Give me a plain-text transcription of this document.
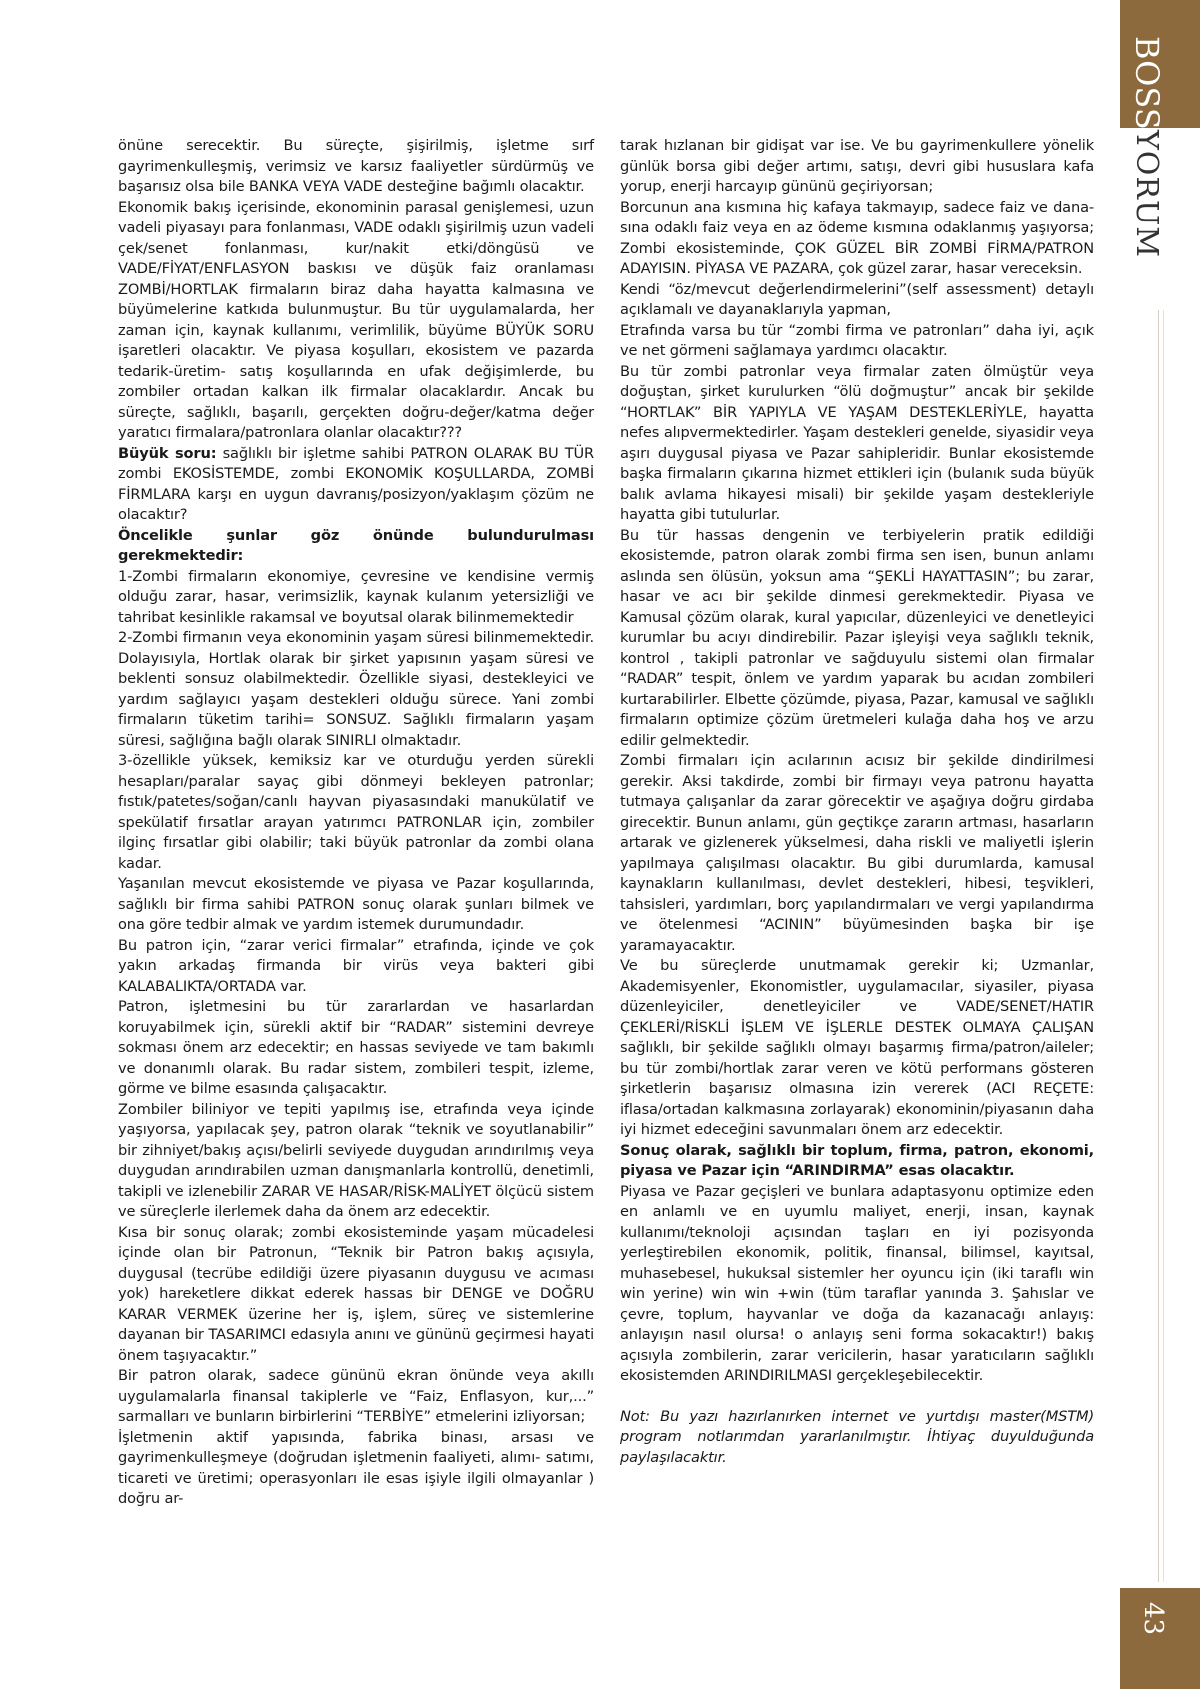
BOSS
YORUM
43

önüne serecektir. Bu süreçte, şişirilmiş, işletme sırf gayrimenkulleşmiş, verimsiz ve karsız faaliyetler sürdürmüş ve başarısız olsa bile BANKA VEYA VADE desteğine bağımlı olacaktır.

Ekonomik bakış içerisinde, ekonominin parasal genişlemesi, uzun vadeli piyasayı para fonlanması, VADE odaklı şişirilmiş uzun vadeli çek/senet fonlanması, kur/nakit etki/döngüsü ve VADE/FİYAT/ENFLASYON baskısı ve düşük faiz oranlaması ZOMBİ/HORTLAK firmaların biraz daha hayatta kalmasına ve büyümelerine katkıda bulunmuştur. Bu tür uygulamalarda, her zaman için, kaynak kullanımı, verimlilik, büyüme BÜYÜK SORU işaretleri olacaktır. Ve piyasa koşulları, ekosistem ve pazarda tedarik-üretim- satış koşullarında en ufak değişimlerde, bu zombiler ortadan kalkan ilk firmalar olacaklardır. Ancak bu süreçte, sağlıklı, başarılı, gerçekten doğru-değer/katma değer yaratıcı firmalara/patronlara olanlar olacaktır???

Büyük soru: sağlıklı bir işletme sahibi PATRON OLARAK BU TÜR zombi EKOSİSTEMDE, zombi EKONOMİK KOŞULLARDA, ZOMBİ FİRMLARA karşı en uygun davranış/posizyon/yaklaşım çözüm ne olacaktır?

Öncelikle şunlar göz önünde bulundurulması gerekmektedir:

1-Zombi firmaların ekonomiye, çevresine ve kendisine vermiş olduğu zarar, hasar, verimsizlik, kaynak kulanım yetersizliği ve tahribat kesinlikle rakamsal ve boyutsal olarak bilinmemektedir

2-Zombi firmanın veya ekonominin yaşam süresi bilinmemektedir. Dolayısıyla, Hortlak olarak bir şirket yapısının yaşam süresi ve beklenti sonsuz olabilmektedir. Özellikle siyasi, destekleyici ve yardım sağlayıcı yaşam destekleri olduğu sürece. Yani zombi firmaların tüketim tarihi= SONSUZ. Sağlıklı firmaların yaşam süresi, sağlığına bağlı olarak SINIRLI olmaktadır.

3-özellikle yüksek, kemiksiz kar ve oturduğu yerden sürekli hesapları/paralar sayaç gibi dönmeyi bekleyen patronlar; fıstık/patetes/soğan/canlı hayvan piyasasındaki manukülatif ve spekülatif fırsatlar arayan yatırımcı PATRONLAR için, zombiler ilginç fırsatlar gibi olabilir; taki büyük patronlar da zombi olana kadar.

Yaşanılan mevcut ekosistemde ve piyasa ve Pazar koşullarında, sağlıklı bir firma sahibi PATRON sonuç olarak şunları bilmek ve ona göre tedbir almak ve yardım istemek durumundadır.

Bu patron için, “zarar verici firmalar” etrafında, içinde ve çok yakın arkadaş firmanda bir virüs veya bakteri gibi KALABALIKTA/ORTADA var.

Patron, işletmesini bu tür zararlardan ve hasarlardan koruyabilmek için, sürekli aktif bir “RADAR” sistemini devreye sokması önem arz edecektir; en hassas seviyede ve tam bakımlı ve donanımlı olarak. Bu radar sistem, zombileri tespit, izleme, görme ve bilme esasında çalışacaktır.

Zombiler biliniyor ve tepiti yapılmış ise, etrafında veya içinde yaşıyorsa, yapılacak şey, patron olarak “teknik ve soyutlanabilir” bir zihniyet/bakış açısı/belirli seviyede duygudan arındırılmış veya duygudan arındırabilen uzman danışmanlarla kontrollü, denetimli, takipli ve izlenebilir ZARAR VE HASAR/RİSK-MALİYET ölçücü sistem ve süreçlerle ilerlemek daha da önem arz edecektir.

Kısa bir sonuç olarak; zombi ekosisteminde yaşam mücadelesi içinde olan bir Patronun, “Teknik bir Patron bakış açısıyla, duygusal (tecrübe edildiği üzere piyasanın duygusu ve acıması yok) hareketlere dikkat ederek hassas bir DENGE ve DOĞRU KARAR VERMEK üzerine her iş, işlem, süreç ve sistemlerine dayanan bir TASARIMCI edasıyla anını ve gününü geçirmesi hayati önem taşıyacaktır.”

Bir patron olarak, sadece gününü ekran önünde veya akıllı uygulamalarla finansal takiplerle ve “Faiz, Enflasyon, kur,...” sarmalları ve bunların birbirlerini “TERBİYE” etmelerini izliyorsan;

İşletmenin aktif yapısında, fabrika binası, arsası ve gayrimenkulleşmeye (doğrudan işletmenin faaliyeti, alımı- satımı, ticareti ve üretimi; operasyonları ile esas işiyle ilgili olmayanlar ) doğru ar-

tarak hızlanan bir gidişat var ise. Ve bu gayrimenkullere yönelik günlük borsa gibi değer artımı, satışı, devri gibi hususlara kafa yorup, enerji harcayıp gününü geçiriyorsan;

Borcunun ana kısmına hiç kafaya takmayıp, sadece faiz ve dana-sına odaklı faiz veya en az ödeme kısmına odaklanmış yaşıyorsa; Zombi ekosisteminde, ÇOK GÜZEL BİR ZOMBİ FİRMA/PATRON ADAYISIN. PİYASA VE PAZARA, çok güzel zarar, hasar vereceksin.

Kendi “öz/mevcut değerlendirmelerini”(self assessment) detaylı açıklamalı ve dayanaklarıyla yapman,

Etrafında varsa bu tür “zombi firma ve patronları” daha iyi, açık ve net görmeni sağlamaya yardımcı olacaktır.

Bu tür zombi patronlar veya firmalar zaten ölmüştür veya doğuştan, şirket kurulurken “ölü doğmuştur” ancak bir şekilde “HORTLAK” BİR YAPIYLA VE YAŞAM DESTEKLERİYLE, hayatta nefes alıpvermektedirler. Yaşam destekleri genelde, siyasidir veya aşırı duygusal piyasa ve Pazar sahipleridir. Bunlar ekosistemde başka firmaların çıkarına hizmet ettikleri için (bulanık suda büyük balık avlama hikayesi misali) bir şekilde yaşam destekleriyle hayatta gibi tutulurlar.

Bu tür hassas dengenin ve terbiyelerin pratik edildiği ekosistemde, patron olarak zombi firma sen isen, bunun anlamı aslında sen ölüsün, yoksun ama “ŞEKLİ HAYATTASIN”; bu zarar, hasar ve acı bir şekilde dinmesi gerekmektedir. Piyasa ve Kamusal çözüm olarak, kural yapıcılar, düzenleyici ve denetleyici kurumlar bu acıyı dindirebilir. Pazar işleyişi veya sağlıklı teknik, kontrol , takipli patronlar ve sağduyulu sistemi olan firmalar “RADAR” tespit, önlem ve yardım yaparak bu acıdan zombileri kurtarabilirler. Elbette çözümde, piyasa, Pazar, kamusal ve sağlıklı firmaların optimize çözüm üretmeleri kulağa daha hoş ve arzu edilir gelmektedir.

Zombi firmaları için acılarının acısız bir şekilde dindirilmesi gerekir. Aksi takdirde, zombi bir firmayı veya patronu hayatta tutmaya çalışanlar da zarar görecektir ve aşağıya doğru girdaba girecektir. Bunun anlamı, gün geçtikçe zararın artması, hasarların artarak ve gizlenerek yükselmesi, daha riskli ve maliyetli işlerin yapılmaya çalışılması olacaktır. Bu gibi durumlarda, kamusal kaynakların kullanılması, devlet destekleri, hibesi, teşvikleri, tahsisleri, yardımları, borç yapılandırmaları ve vergi yapılandırma ve ötelenmesi “ACININ” büyümesinden başka bir işe yaramayacaktır.

Ve bu süreçlerde unutmamak gerekir ki; Uzmanlar, Akademisyenler, Ekonomistler, uygulamacılar, siyasiler, piyasa düzenleyiciler, denetleyiciler ve VADE/SENET/HATIR ÇEKLERİ/RİSKLİ İŞLEM VE İŞLERLE DESTEK OLMAYA ÇALIŞAN sağlıklı, bir şekilde sağlıklı olmayı başarmış firma/patron/aileler; bu tür zombi/hortlak zarar veren ve kötü performans gösteren şirketlerin başarısız olmasına izin vererek (ACI REÇETE: iflasa/ortadan kalkmasına zorlayarak) ekonominin/piyasanın daha iyi hizmet edeceğini savunmaları önem arz edecektir.

Sonuç olarak, sağlıklı bir toplum, firma, patron, ekonomi, piyasa ve Pazar için “ARINDIRMA” esas olacaktır.

Piyasa ve Pazar geçişleri ve bunlara adaptasyonu optimize eden en anlamlı ve en uyumlu maliyet, enerji, insan, kaynak kullanımı/teknoloji açısından taşları en iyi pozisyonda yerleştirebilen ekonomik, politik, finansal, bilimsel, kayıtsal, muhasebesel, hukuksal sistemler her oyuncu için (iki taraflı win win yerine) win win +win (tüm taraflar yanında 3. Şahıslar ve çevre, toplum, hayvanlar ve doğa da kazanacağı anlayış: anlayışın nasıl olursa! o anlayış seni forma sokacaktır!) bakış açısıyla zombilerin, zarar vericilerin, hasar yaratıcıların sağlıklı ekosistemden ARINDIRILMASI gerçekleşebilecektir.

Not: Bu yazı hazırlanırken internet ve yurtdışı master(MSTM) program notlarımdan yararlanılmıştır. İhtiyaç duyulduğunda paylaşılacaktır.
